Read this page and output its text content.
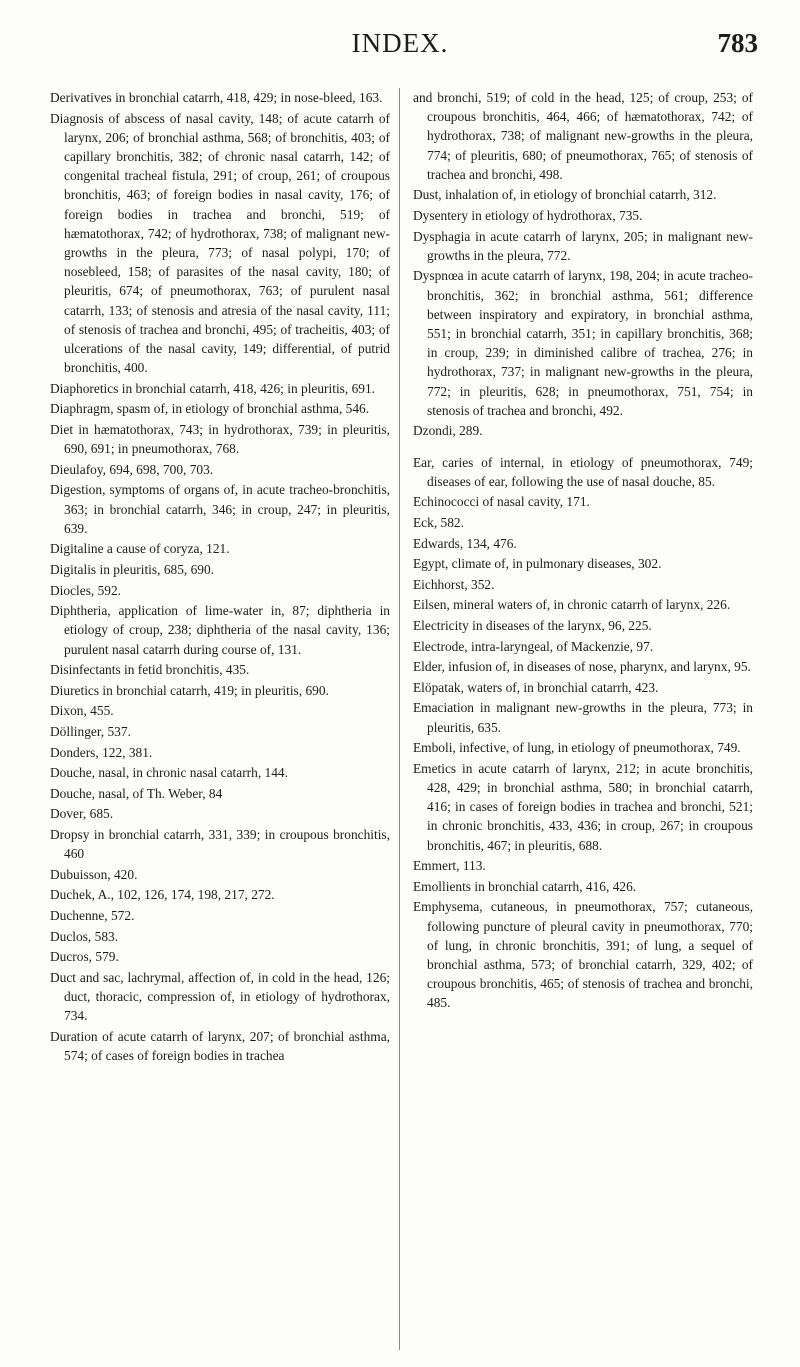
INDEX.	783

Derivatives in bronchial catarrh, 418, 429; in nose-bleed, 163.

Diagnosis of abscess of nasal cavity, 148; of acute catarrh of larynx, 206; of bronchial asthma, 568; of bronchitis, 403; of capillary bronchitis, 382; of chronic nasal catarrh, 142; of congenital tracheal fistula, 291; of croup, 261; of croupous bronchitis, 463; of foreign bodies in nasal cavity, 176; of foreign bodies in trachea and bronchi, 519; of hæmatothorax, 742; of hydrothorax, 738; of malignant new-growths in the pleura, 773; of nasal polypi, 170; of nosebleed, 158; of parasites of the nasal cavity, 180; of pleuritis, 674; of pneumothorax, 763; of purulent nasal catarrh, 133; of stenosis and atresia of the nasal cavity, 111; of stenosis of trachea and bronchi, 495; of tracheitis, 403; of ulcerations of the nasal cavity, 149; differential, of putrid bronchitis, 400.

Diaphoretics in bronchial catarrh, 418, 426; in pleuritis, 691.

Diaphragm, spasm of, in etiology of bronchial asthma, 546.

Diet in hæmatothorax, 743; in hydrothorax, 739; in pleuritis, 690, 691; in pneumothorax, 768.

Dieulafoy, 694, 698, 700, 703.

Digestion, symptoms of organs of, in acute tracheo-bronchitis, 363; in bronchial catarrh, 346; in croup, 247; in pleuritis, 639.

Digitaline a cause of coryza, 121.

Digitalis in pleuritis, 685, 690.

Diocles, 592.

Diphtheria, application of lime-water in, 87; diphtheria in etiology of croup, 238; diphtheria of the nasal cavity, 136; purulent nasal catarrh during course of, 131.

Disinfectants in fetid bronchitis, 435.

Diuretics in bronchial catarrh, 419; in pleuritis, 690.

Dixon, 455.

Döllinger, 537.

Donders, 122, 381.

Douche, nasal, in chronic nasal catarrh, 144.

Douche, nasal, of Th. Weber, 84

Dover, 685.

Dropsy in bronchial catarrh, 331, 339; in croupous bronchitis, 460

Dubuisson, 420.

Duchek, A., 102, 126, 174, 198, 217, 272.

Duchenne, 572.

Duclos, 583.

Ducros, 579.

Duct and sac, lachrymal, affection of, in cold in the head, 126; duct, thoracic, compression of, in etiology of hydrothorax, 734.

Duration of acute catarrh of larynx, 207; of bronchial asthma, 574; of cases of foreign bodies in trachea

and bronchi, 519; of cold in the head, 125; of croup, 253; of croupous bronchitis, 464, 466; of hæmatothorax, 742; of hydrothorax, 738; of malignant new-growths in the pleura, 774; of pleuritis, 680; of pneumothorax, 765; of stenosis of trachea and bronchi, 498.

Dust, inhalation of, in etiology of bronchial catarrh, 312.

Dysentery in etiology of hydrothorax, 735.

Dysphagia in acute catarrh of larynx, 205; in malignant new-growths in the pleura, 772.

Dyspnœa in acute catarrh of larynx, 198, 204; in acute tracheo-bronchitis, 362; in bronchial asthma, 561; difference between inspiratory and expiratory, in bronchial asthma, 551; in bronchial catarrh, 351; in capillary bronchitis, 368; in croup, 239; in diminished calibre of trachea, 276; in hydrothorax, 737; in malignant new-growths in the pleura, 772; in pleuritis, 628; in pneumothorax, 751, 754; in stenosis of trachea and bronchi, 492.

Dzondi, 289.

Ear, caries of internal, in etiology of pneumothorax, 749; diseases of ear, following the use of nasal douche, 85.

Echinococci of nasal cavity, 171.

Eck, 582.

Edwards, 134, 476.

Egypt, climate of, in pulmonary diseases, 302.

Eichhorst, 352.

Eilsen, mineral waters of, in chronic catarrh of larynx, 226.

Electricity in diseases of the larynx, 96, 225.

Electrode, intra-laryngeal, of Mackenzie, 97.

Elder, infusion of, in diseases of nose, pharynx, and larynx, 95.

Elöpatak, waters of, in bronchial catarrh, 423.

Emaciation in malignant new-growths in the pleura, 773; in pleuritis, 635.

Emboli, infective, of lung, in etiology of pneumothorax, 749.

Emetics in acute catarrh of larynx, 212; in acute bronchitis, 428, 429; in bronchial asthma, 580; in bronchial catarrh, 416; in cases of foreign bodies in trachea and bronchi, 521; in chronic bronchitis, 433, 436; in croup, 267; in croupous bronchitis, 467; in pleuritis, 688.

Emmert, 113.

Emollients in bronchial catarrh, 416, 426.

Emphysema, cutaneous, in pneumothorax, 757; cutaneous, following puncture of pleural cavity in pneumothorax, 770; of lung, in chronic bronchitis, 391; of lung, a sequel of bronchial asthma, 573; of bronchial catarrh, 329, 402; of croupous bronchitis, 465; of stenosis of trachea and bronchi, 485.
